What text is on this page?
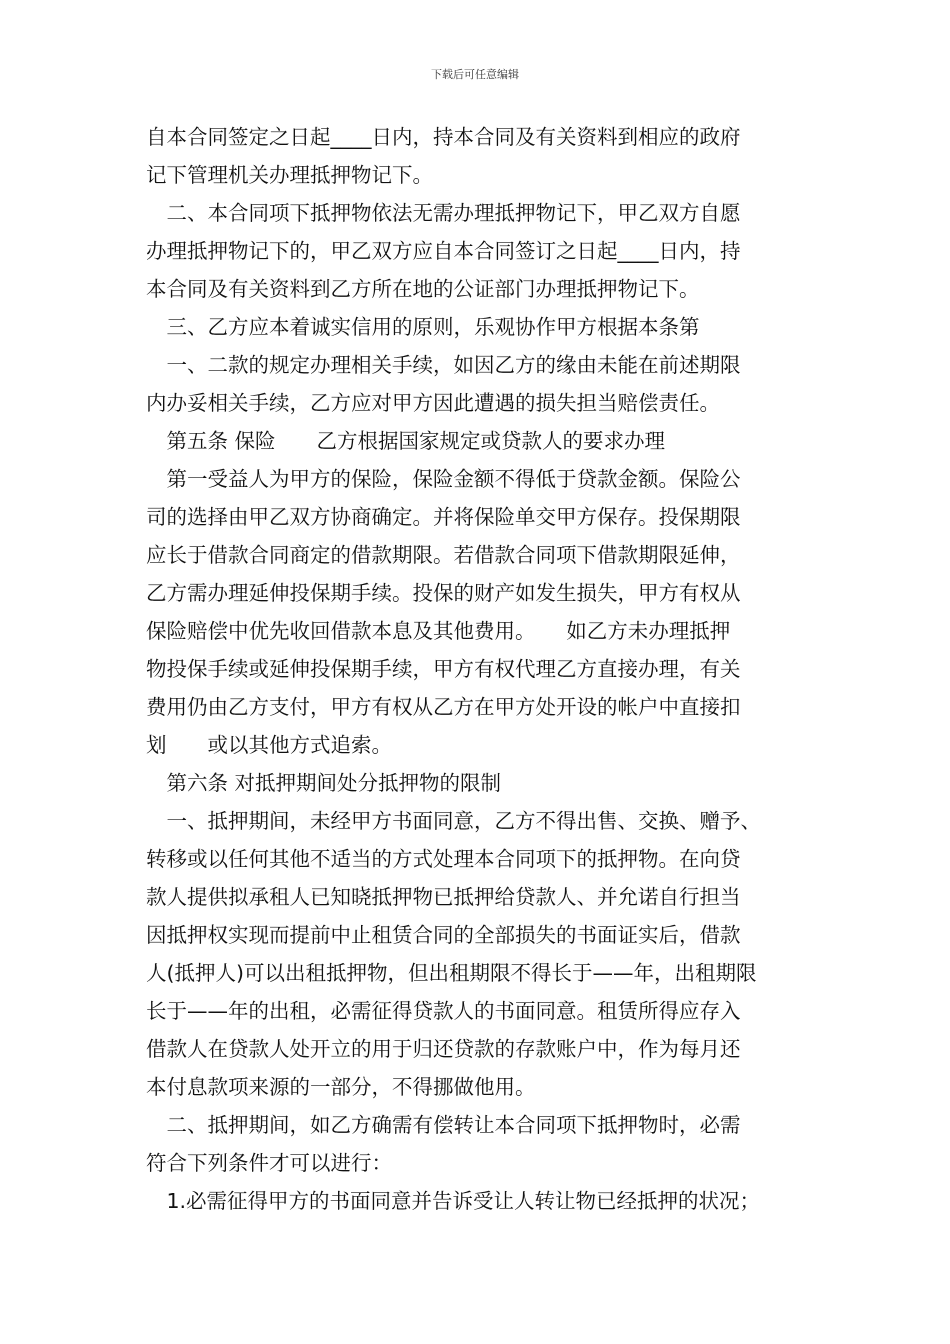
下载后可任意编辑
自本合同签定之日起____日内，持本合同及有关资料到相应的政府
记下管理机关办理抵押物记下。
　二、本合同项下抵押物依法无需办理抵押物记下，甲乙双方自愿
办理抵押物记下的，甲乙双方应自本合同签订之日起____日内，持
本合同及有关资料到乙方所在地的公证部门办理抵押物记下。
　三、乙方应本着诚实信用的原则，乐观协作甲方根据本条第
　一、二款的规定办理相关手续，如因乙方的缘由未能在前述期限
内办妥相关手续，乙方应对甲方因此遭遇的损失担当赔偿责任。
　第五条 保险　　乙方根据国家规定或贷款人的要求办理
　第一受益人为甲方的保险，保险金额不得低于贷款金额。保险公
司的选择由甲乙双方协商确定。并将保险单交甲方保存。投保期限
应长于借款合同商定的借款期限。若借款合同项下借款期限延伸，
乙方需办理延伸投保期手续。投保的财产如发生损失，甲方有权从
保险赔偿中优先收回借款本息及其他费用。　　如乙方未办理抵押
物投保手续或延伸投保期手续，甲方有权代理乙方直接办理，有关
费用仍由乙方支付，甲方有权从乙方在甲方处开设的帐户中直接扣
划　　或以其他方式追索。
　第六条 对抵押期间处分抵押物的限制
　一、抵押期间，未经甲方书面同意，乙方不得出售、交换、赠予、
转移或以任何其他不适当的方式处理本合同项下的抵押物。在向贷
款人提供拟承租人已知晓抵押物已抵押给贷款人、并允诺自行担当
因抵押权实现而提前中止租赁合同的全部损失的书面证实后，借款
人(抵押人)可以出租抵押物，但出租期限不得长于——年，出租期限
长于——年的出租，必需征得贷款人的书面同意。租赁所得应存入
借款人在贷款人处开立的用于归还贷款的存款账户中，作为每月还
本付息款项来源的一部分，不得挪做他用。
　二、抵押期间，如乙方确需有偿转让本合同项下抵押物时，必需
符合下列条件才可以进行：
　1.必需征得甲方的书面同意并告诉受让人转让物已经抵押的状况；
